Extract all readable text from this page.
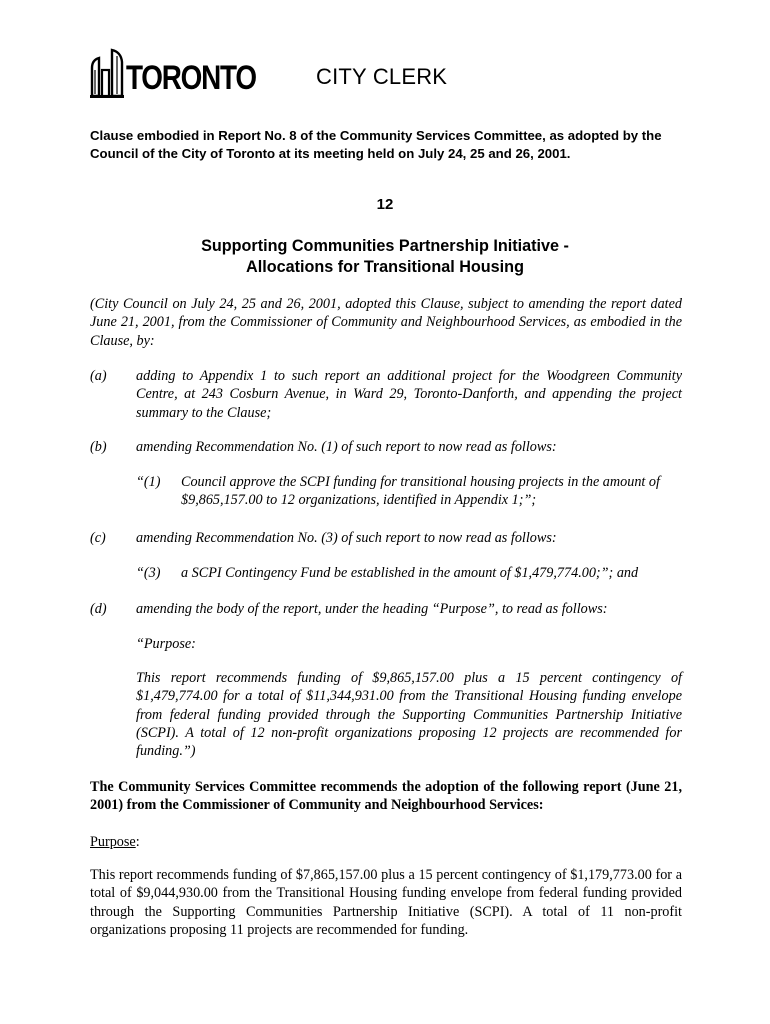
TORONTO	CITY CLERK
Clause embodied in Report No. 8 of the Community Services Committee, as adopted by the Council of the City of Toronto at its meeting held on July 24, 25 and 26, 2001.
12
Supporting Communities Partnership Initiative -
Allocations for Transitional Housing
(City Council on July 24, 25 and 26, 2001, adopted this Clause, subject to amending the report dated June 21, 2001, from the Commissioner of Community and Neighbourhood Services, as embodied in the Clause, by:
(a) adding to Appendix 1 to such report an additional project for the Woodgreen Community Centre, at 243 Cosburn Avenue, in Ward 29, Toronto-Danforth, and appending the project summary to the Clause;
(b) amending Recommendation No. (1) of such report to now read as follows:
“(1) Council approve the SCPI funding for transitional housing projects in the amount of $9,865,157.00 to 12 organizations, identified in Appendix 1;”;
(c) amending Recommendation No. (3) of such report to now read as follows:
“(3) a SCPI Contingency Fund be established in the amount of $1,479,774.00;”; and
(d) amending the body of the report, under the heading “Purpose”, to read as follows:
“Purpose:
This report recommends funding of $9,865,157.00 plus a 15 percent contingency of $1,479,774.00 for a total of $11,344,931.00 from the Transitional Housing funding envelope from federal funding provided through the Supporting Communities Partnership Initiative (SCPI). A total of 12 non-profit organizations proposing 12 projects are recommended for funding.”)
The Community Services Committee recommends the adoption of the following report (June 21, 2001) from the Commissioner of Community and Neighbourhood Services:
Purpose:
This report recommends funding of $7,865,157.00 plus a 15 percent contingency of $1,179,773.00 for a total of $9,044,930.00 from the Transitional Housing funding envelope from federal funding provided through the Supporting Communities Partnership Initiative (SCPI). A total of 11 non-profit organizations proposing 11 projects are recommended for funding.
